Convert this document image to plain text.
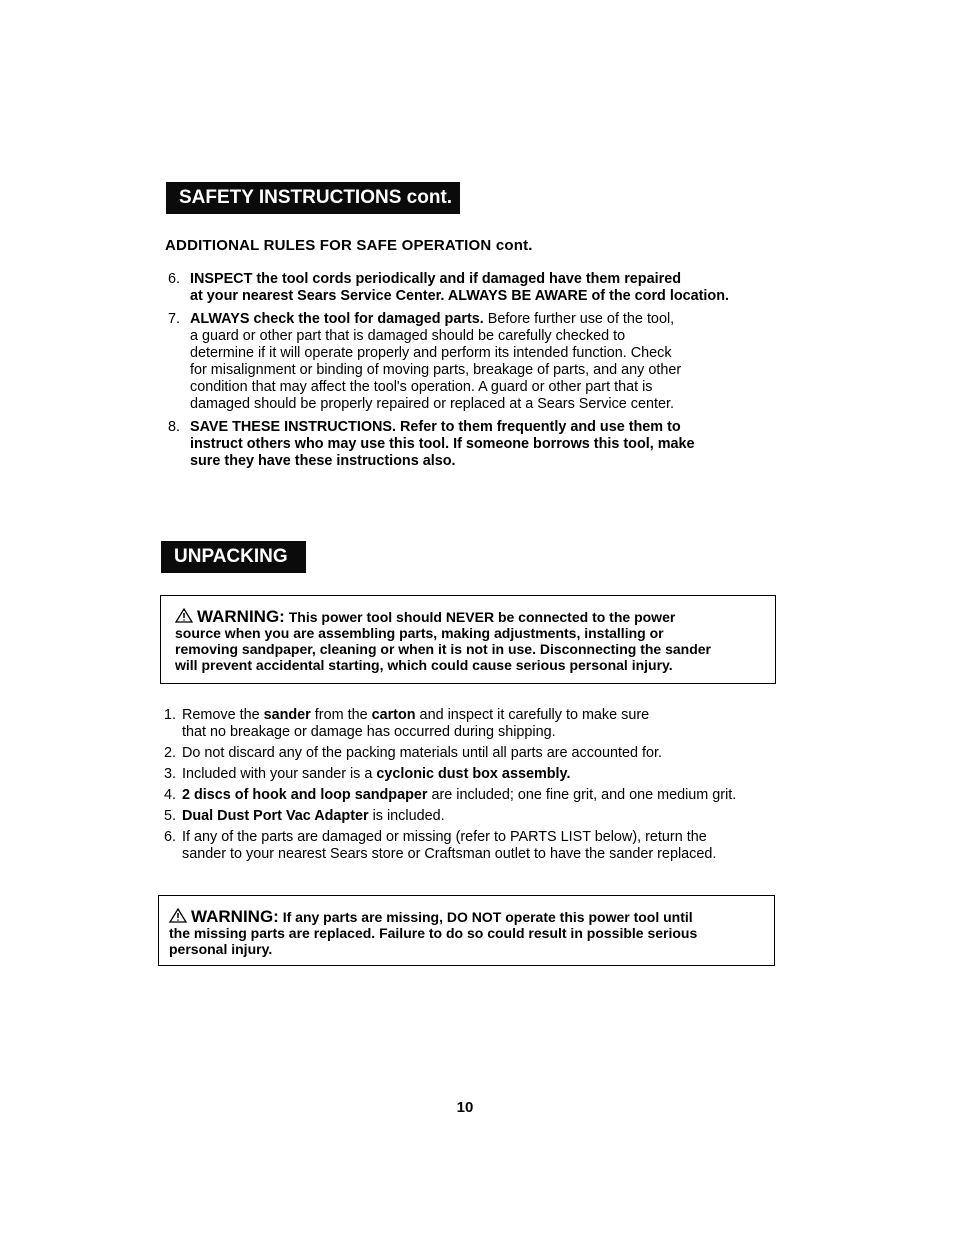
SAFETY INSTRUCTIONS cont.
ADDITIONAL RULES FOR SAFE OPERATION cont.
6. INSPECT the tool cords periodically and if damaged have them repaired
at your nearest Sears Service Center. ALWAYS BE AWARE of the cord location.
7. ALWAYS check the tool for damaged parts. Before further use of the tool,
a guard or other part that is damaged should be carefully checked to
determine if it will operate properly and perform its intended function. Check
for misalignment or binding of moving parts, breakage of parts, and any other
condition that may affect the tool's operation. A guard or other part that is
damaged should be properly repaired or replaced at a Sears Service center.
8. SAVE THESE INSTRUCTIONS. Refer to them frequently and use them to
instruct others who may use this tool. If someone borrows this tool, make
sure they have these instructions also.
UNPACKING
WARNING: This power tool should NEVER be connected to the power
source when you are assembling parts, making adjustments, installing or
removing sandpaper, cleaning or when it is not in use. Disconnecting the sander
will prevent accidental starting, which could cause serious personal injury.
1. Remove the sander from the carton and inspect it carefully to make sure
that no breakage or damage has occurred during shipping.
2. Do not discard any of the packing materials until all parts are accounted for.
3. Included with your sander is a cyclonic dust box assembly.
4. 2 discs of hook and loop sandpaper are included; one fine grit, and one medium grit.
5. Dual Dust Port Vac Adapter is included.
6. If any of the parts are damaged or missing (refer to PARTS LIST below), return the
sander to your nearest Sears store or Craftsman outlet to have the sander replaced.
WARNING: If any parts are missing, DO NOT operate this power tool until
the missing parts are replaced. Failure to do so could result in possible serious
personal injury.
10
